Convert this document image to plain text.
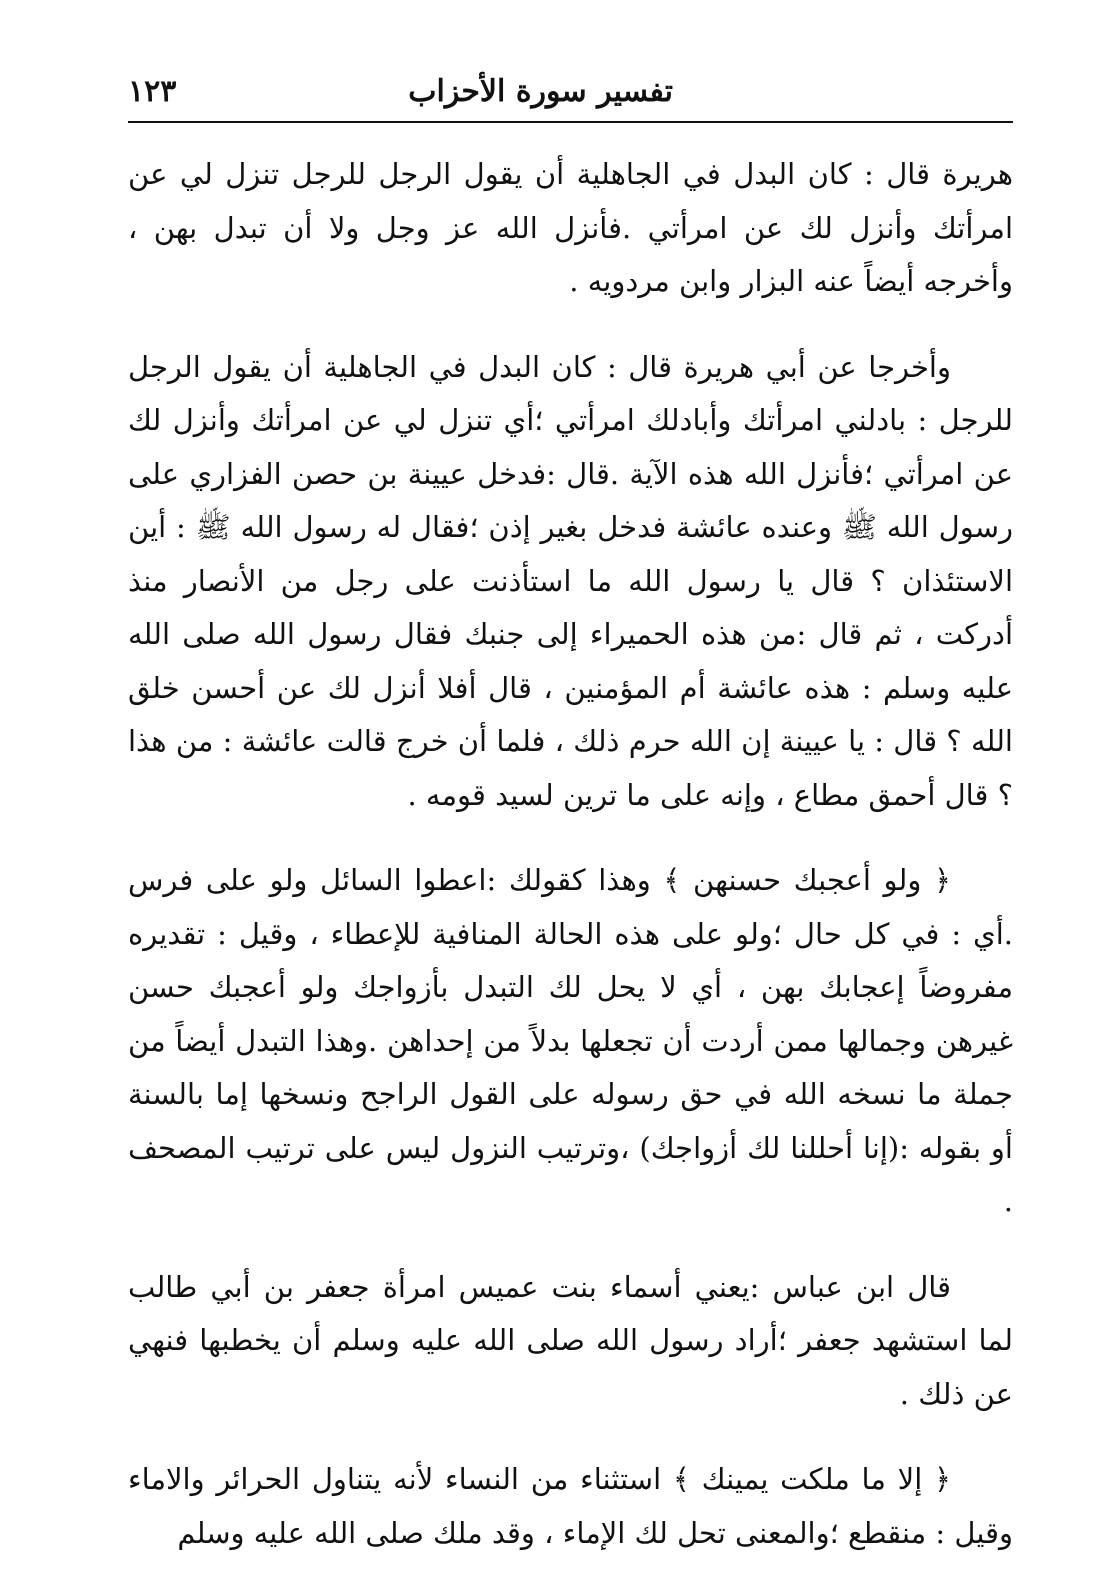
تفسير سورة الأحزاب
١٢٣

هريرة قال : كان البدل في الجاهلية أن يقول الرجل للرجل تنزل لي عن امرأتك وأنزل لك عن امرأتي .فأنزل الله عز وجل ولا أن تبدل بهن ، وأخرجه أيضاً عنه البزار وابن مردويه .

وأخرجا عن أبي هريرة قال : كان البدل في الجاهلية أن يقول الرجل للرجل : بادلني امرأتك وأبادلك امرأتي ؛أي تنزل لي عن امرأتك وأنزل لك عن امرأتي ؛فأنزل الله هذه الآية .قال :فدخل عيينة بن حصن الفزاري على رسول الله ﷺ وعنده عائشة فدخل بغير إذن ؛فقال له رسول الله ﷺ : أين الاستئذان ؟ قال يا رسول الله ما استأذنت على رجل من الأنصار منذ أدركت ، ثم قال :من هذه الحميراء إلى جنبك فقال رسول الله صلى الله عليه وسلم : هذه عائشة أم المؤمنين ، قال أفلا أنزل لك عن أحسن خلق الله ؟ قال : يا عيينة إن الله حرم ذلك ، فلما أن خرج قالت عائشة : من هذا ؟ قال أحمق مطاع ، وإنه على ما ترين لسيد قومه .

﴿ ولو أعجبك حسنهن ﴾ وهذا كقولك :اعطوا السائل ولو على فرس .أي : في كل حال ؛ولو على هذه الحالة المنافية للإعطاء ، وقيل : تقديره مفروضاً إعجابك بهن ، أي لا يحل لك التبدل بأزواجك ولو أعجبك حسن غيرهن وجمالها ممن أردت أن تجعلها بدلاً من إحداهن .وهذا التبدل أيضاً من جملة ما نسخه الله في حق رسوله على القول الراجح ونسخها إما بالسنة أو بقوله :(إنا أحللنا لك أزواجك) ،وترتيب النزول ليس على ترتيب المصحف .

قال ابن عباس :يعني أسماء بنت عميس امرأة جعفر بن أبي طالب لما استشهد جعفر ؛أراد رسول الله صلى الله عليه وسلم أن يخطبها فنهي عن ذلك .

﴿ إلا ما ملكت يمينك ﴾ استثناء من النساء لأنه يتناول الحرائر والاماء وقيل : منقطع ؛والمعنى تحل لك الإماء ، وقد ملك صلى الله عليه وسلم
